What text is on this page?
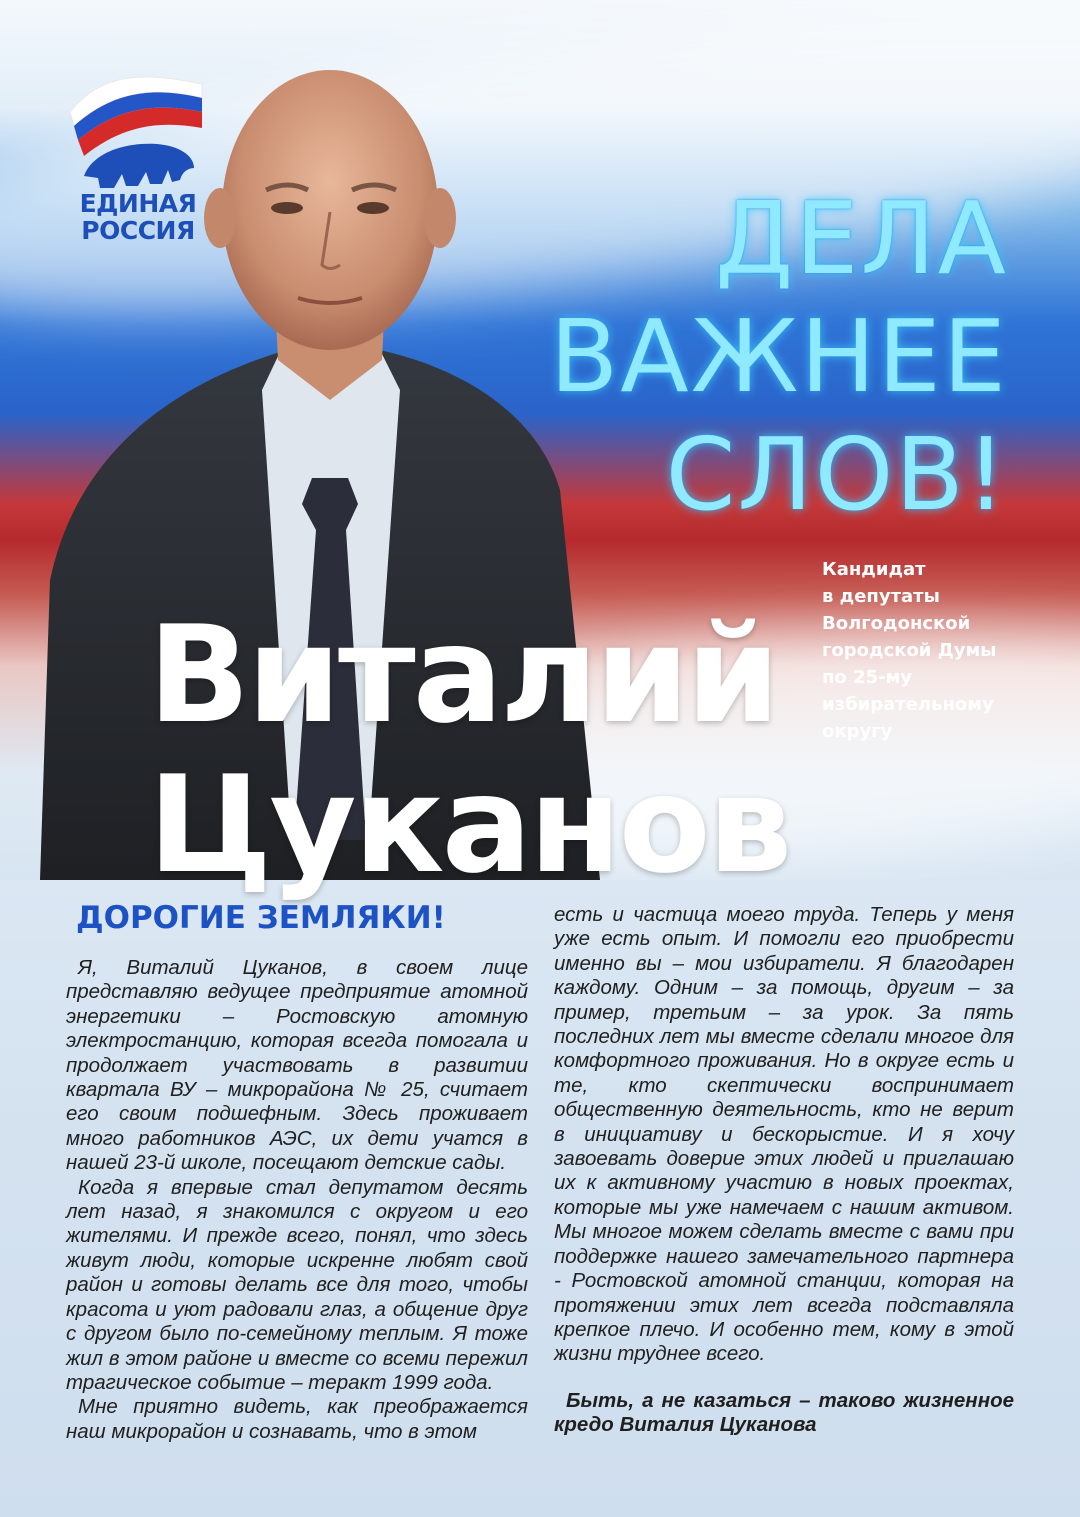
ЕДИНАЯ
РОССИЯ	ДЕЛА
ВАЖНЕЕ
СЛОВ!
Кандидат
в депутаты
Волгодонской
городской Думы
по 25-му
избирательному
округу
Виталий
Цуканов
ДОРОГИЕ ЗЕМЛЯКИ!

Я, Виталий Цуканов, в своем лице представляю ведущее предприятие атомной энергетики – Ростовскую атомную электростанцию, которая всегда помогала и продолжает участвовать в развитии квартала ВУ – микрорайона № 25, считает его своим подшефным. Здесь проживает много работников АЭС, их дети учатся в нашей 23-й школе, посещают детские сады.

Когда я впервые стал депутатом десять лет назад, я знакомился с округом и его жителями. И прежде всего, понял, что здесь живут люди, которые искренне любят свой район и готовы делать все для того, чтобы красота и уют радовали глаз, а общение друг с другом было по-семейному теплым. Я тоже жил в этом районе и вместе со всеми пережил трагическое событие – теракт 1999 года.

Мне приятно видеть, как преображается наш микрорайон и сознавать, что в этом

есть и частица моего труда. Теперь у меня уже есть опыт. И помогли его приобрести именно вы – мои избиратели. Я благодарен каждому. Одним – за помощь, другим – за пример, третьим – за урок. За пять последних лет мы вместе сделали многое для комфортного проживания. Но в округе есть и те, кто скептически воспринимает общественную деятельность, кто не верит в инициативу и бескорыстие. И я хочу завоевать доверие этих людей и приглашаю их к активному участию в новых проектах, которые мы уже намечаем с нашим активом. Мы многое можем сделать вместе с вами при поддержке нашего замечательного партнера - Ростовской атомной станции, которая на протяжении этих лет всегда подставляла крепкое плечо. И особенно тем, кому в этой жизни труднее всего.

Быть, а не казаться – таково жизненное кредо Виталия Цуканова
